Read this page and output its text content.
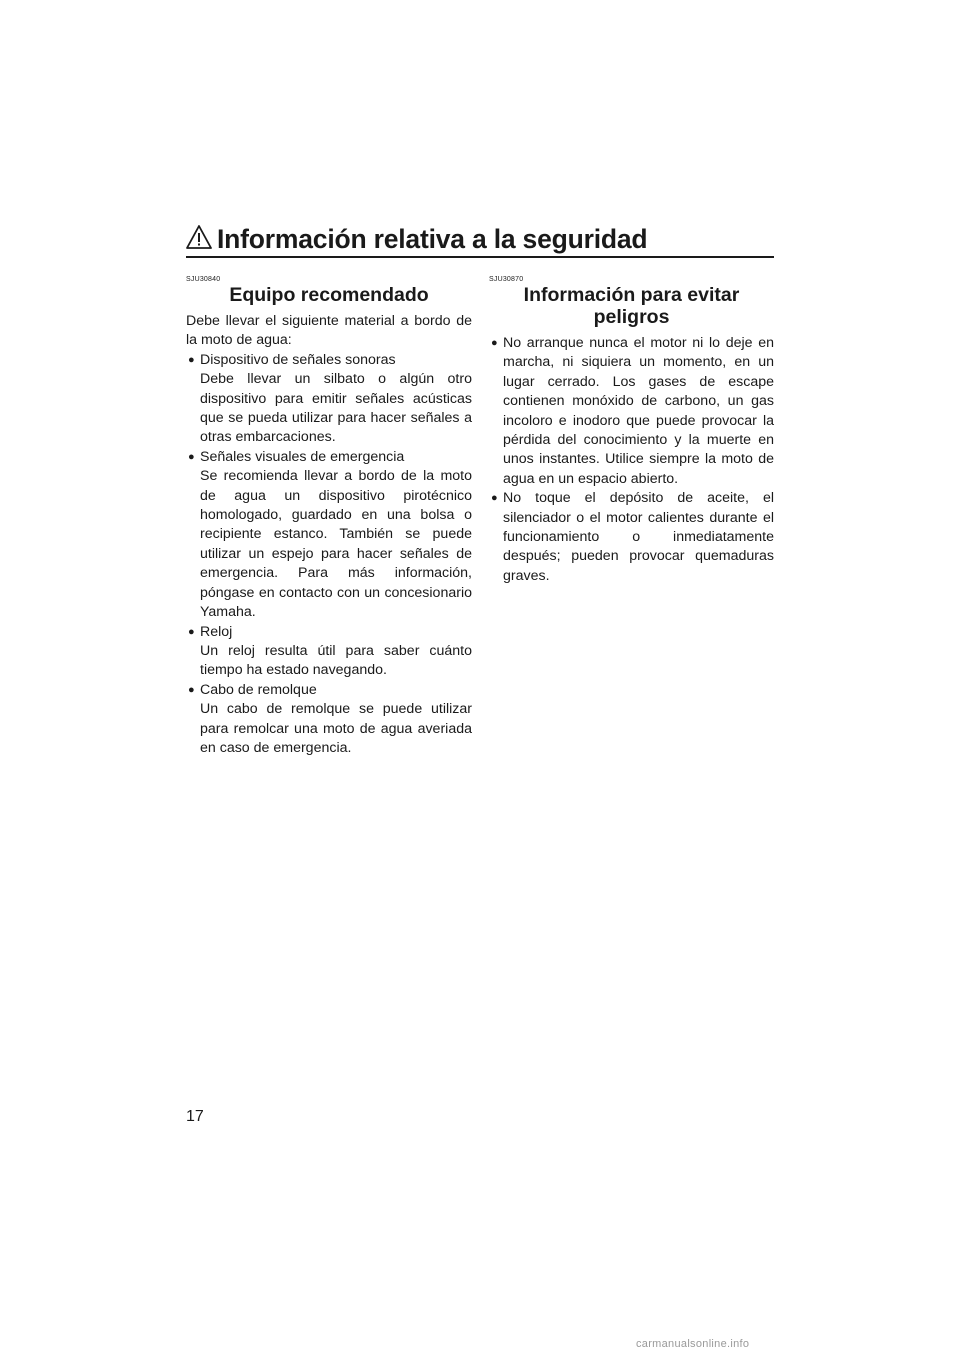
Información relativa a la seguridad
SJU30840
Equipo recomendado

Debe llevar el siguiente material a bordo de la moto de agua:

● Dispositivo de señales sonoras
Debe llevar un silbato o algún otro dispositivo para emitir señales acústicas que se pueda utilizar para hacer señales a otras embarcaciones.
● Señales visuales de emergencia
Se recomienda llevar a bordo de la moto de agua un dispositivo pirotécnico homologado, guardado en una bolsa o recipiente estanco. También se puede utilizar un espejo para hacer señales de emergencia. Para más información, póngase en contacto con un concesionario Yamaha.
● Reloj
Un reloj resulta útil para saber cuánto tiempo ha estado navegando.
● Cabo de remolque
Un cabo de remolque se puede utilizar para remolcar una moto de agua averiada en caso de emergencia.
SJU30870
Información para evitar peligros
● No arranque nunca el motor ni lo deje en marcha, ni siquiera un momento, en un lugar cerrado. Los gases de escape contienen monóxido de carbono, un gas incoloro e inodoro que puede provocar la pérdida del conocimiento y la muerte en unos instantes. Utilice siempre la moto de agua en un espacio abierto.
● No toque el depósito de aceite, el silenciador o el motor calientes durante el funcionamiento o inmediatamente después; pueden provocar quemaduras graves.
17
carmanualsonline.info
